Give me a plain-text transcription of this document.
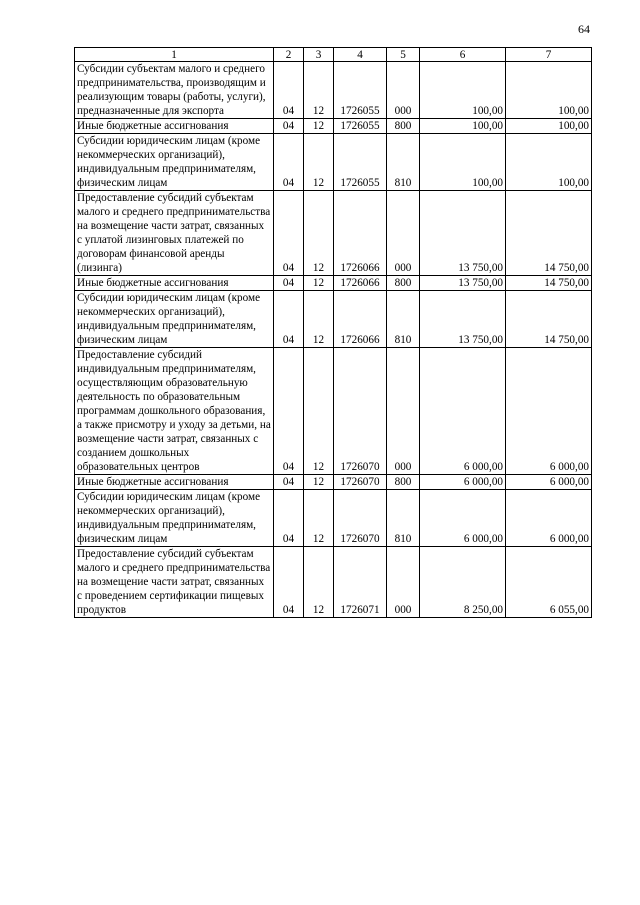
64
1	2	3	4	5	6	7
Субсидии субъектам малого и среднего предпринимательства, производящим и реализующим товары (работы, услуги), предназначенные для экспорта	04	12	1726055	000	100,00	100,00
Иные бюджетные ассигнования	04	12	1726055	800	100,00	100,00
Субсидии юридическим лицам (кроме некоммерческих организаций), индивидуальным предпринимателям, физическим лицам	04	12	1726055	810	100,00	100,00
Предоставление субсидий субъектам малого и среднего предпринимательства на возмещение части затрат, связанных с уплатой лизинговых платежей по договорам финансовой аренды (лизинга)	04	12	1726066	000	13 750,00	14 750,00
Иные бюджетные ассигнования	04	12	1726066	800	13 750,00	14 750,00
Субсидии юридическим лицам (кроме некоммерческих организаций), индивидуальным предпринимателям, физическим лицам	04	12	1726066	810	13 750,00	14 750,00
Предоставление субсидий индивидуальным предпринимателям, осуществляющим образовательную деятельность по образовательным программам дошкольного образования, а также присмотру и уходу за детьми, на возмещение части затрат, связанных с созданием дошкольных образовательных центров	04	12	1726070	000	6 000,00	6 000,00
Иные бюджетные ассигнования	04	12	1726070	800	6 000,00	6 000,00
Субсидии юридическим лицам (кроме некоммерческих организаций), индивидуальным предпринимателям, физическим лицам	04	12	1726070	810	6 000,00	6 000,00
Предоставление субсидий субъектам малого и среднего предпринимательства на возмещение части затрат, связанных с проведением сертификации пищевых продуктов	04	12	1726071	000	8 250,00	6 055,00
